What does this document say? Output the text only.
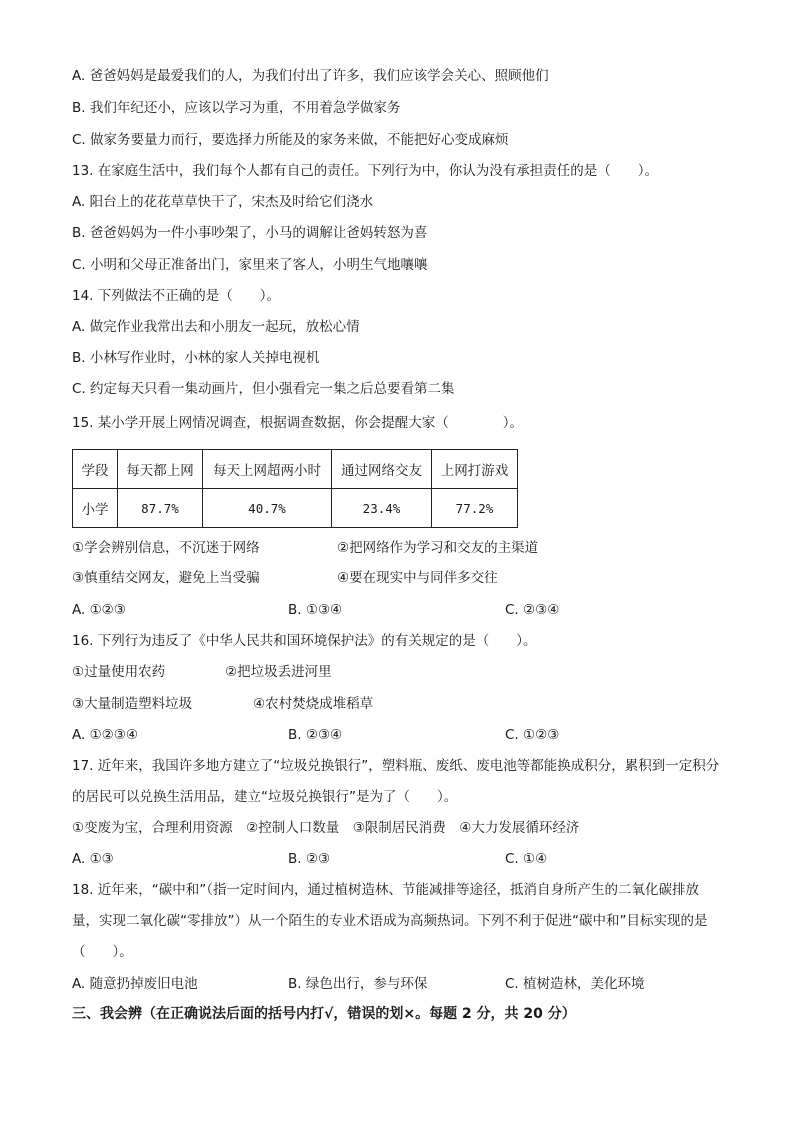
A. 爸爸妈妈是最爱我们的人，为我们付出了许多，我们应该学会关心、照顾他们
B. 我们年纪还小，应该以学习为重，不用着急学做家务
C. 做家务要量力而行，要选择力所能及的家务来做，不能把好心变成麻烦
13. 在家庭生活中，我们每个人都有自己的责任。下列行为中，你认为没有承担责任的是（　　）。
A. 阳台上的花花草草快干了，宋杰及时给它们浇水
B. 爸爸妈妈为一件小事吵架了，小马的调解让爸妈转怒为喜
C. 小明和父母正准备出门，家里来了客人，小明生气地嚷嚷
14. 下列做法不正确的是（　　）。
A. 做完作业我常出去和小朋友一起玩，放松心情
B. 小林写作业时，小林的家人关掉电视机
C. 约定每天只看一集动画片，但小强看完一集之后总要看第二集
15. 某小学开展上网情况调查，根据调查数据，你会提醒大家（　　　　）。
学段	每天都上网	每天上网超两小时	通过网络交友	上网打游戏
小学	87.7%	40.7%	23.4%	77.2%
①学会辨别信息，不沉迷于网络	②把网络作为学习和交友的主渠道
③慎重结交网友，避免上当受骗	④要在现实中与同伴多交往
A. ①②③	B. ①③④	C. ②③④
16. 下列行为违反了《中华人民共和国环境保护法》的有关规定的是（　　）。
①过量使用农药	②把垃圾丢进河里
③大量制造塑料垃圾	④农村焚烧成堆稻草
A. ①②③④	B. ②③④	C. ①②③
17. 近年来，我国许多地方建立了“垃圾兑换银行”，塑料瓶、废纸、废电池等都能换成积分，累积到一定积分的居民可以兑换生活用品，建立“垃圾兑换银行”是为了（　　）。
①变废为宝，合理利用资源　②控制人口数量　③限制居民消费　④大力发展循环经济
A. ①③	B. ②③	C. ①④
18. 近年来，“碳中和”（指一定时间内，通过植树造林、节能减排等途径，抵消自身所产生的二氧化碳排放量，实现二氧化碳“零排放”）从一个陌生的专业术语成为高频热词。下列不利于促进“碳中和”目标实现的是（　　）。
A. 随意扔掉废旧电池	B. 绿色出行，参与环保	C. 植树造林，美化环境
三、我会辨（在正确说法后面的括号内打√，错误的划×。每题 2 分，共 20 分）
